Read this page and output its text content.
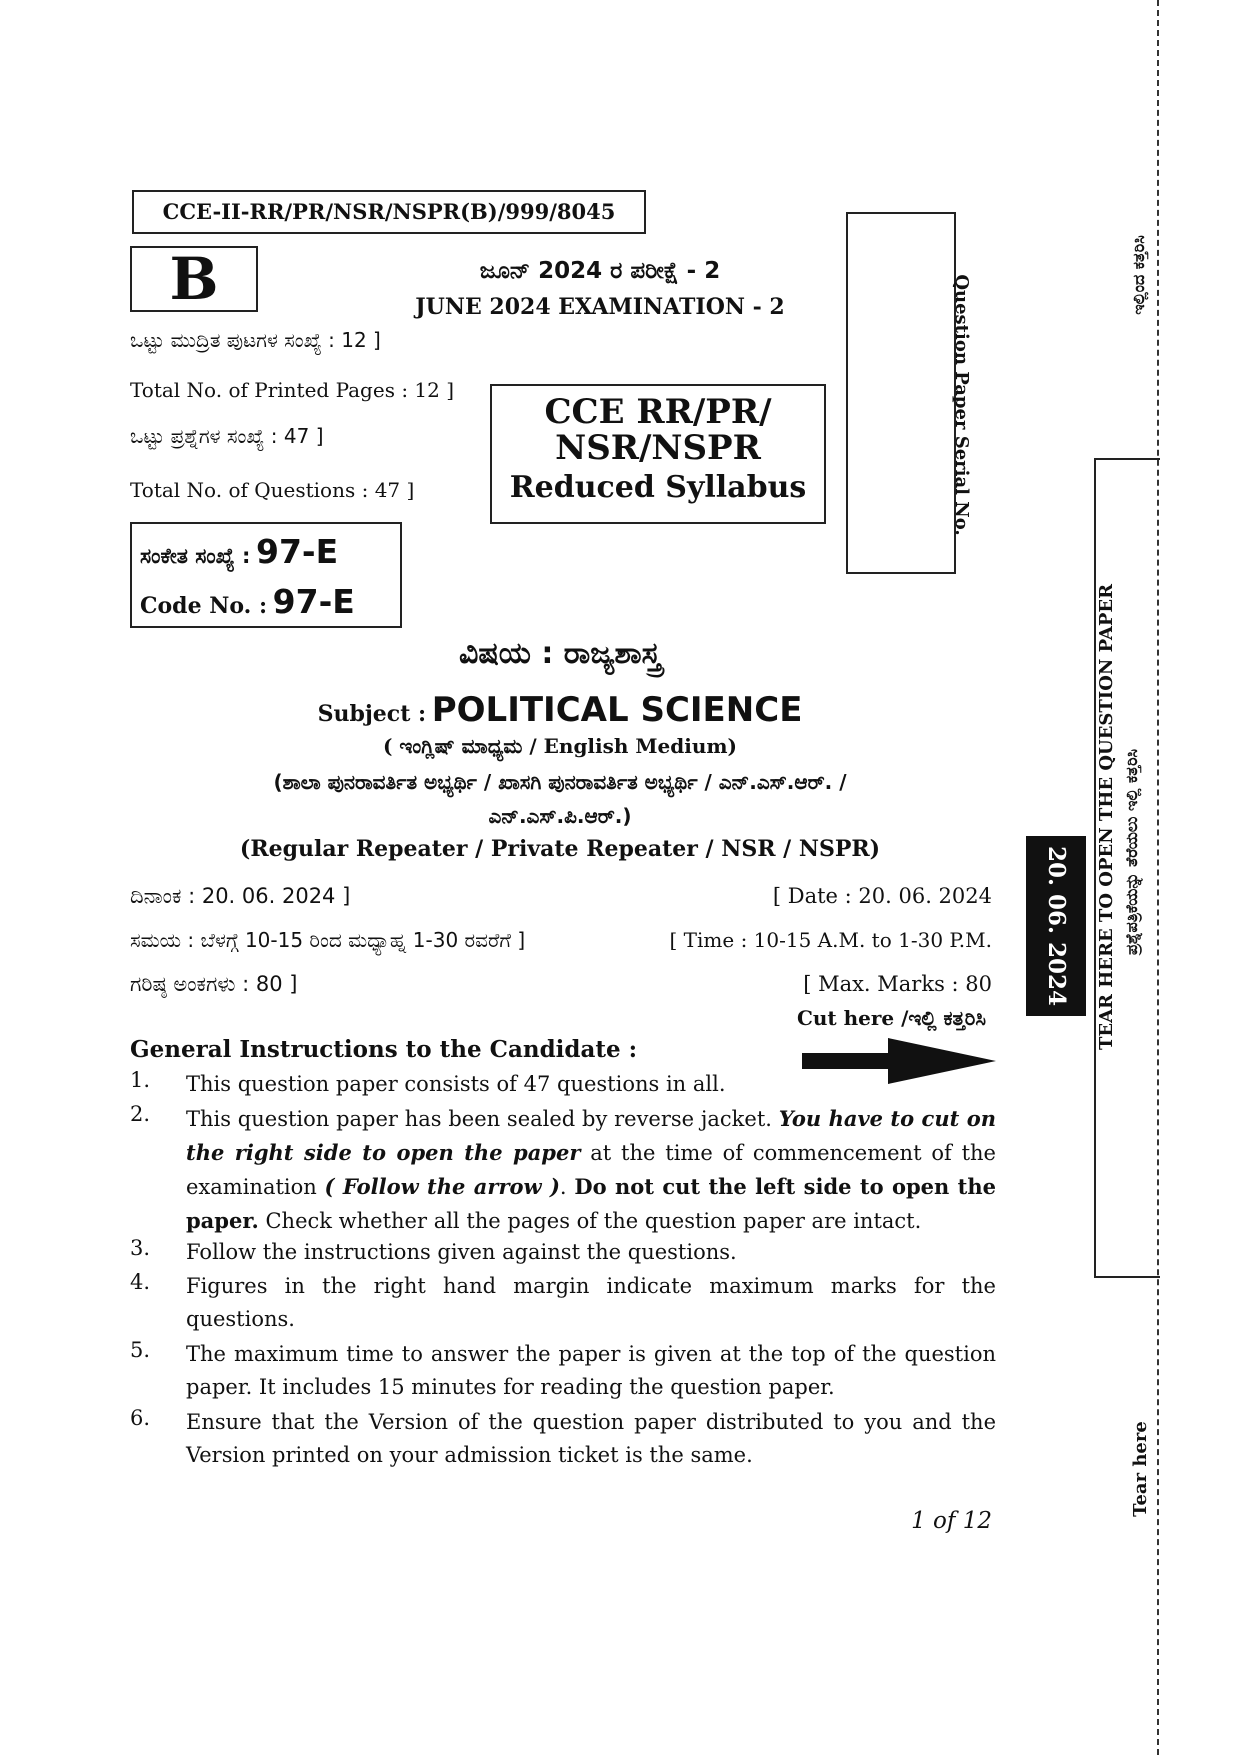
CCE-II-RR/PR/NSR/NSPR(B)/999/8045
B	ಜೂನ್ 2024 ರ ಪರೀಕ್ಷೆ - 2
JUNE 2024 EXAMINATION - 2
ಒಟ್ಟು ಮುದ್ರಿತ ಪುಟಗಳ ಸಂಖ್ಯೆ : 12 ]
Total No. of Printed Pages : 12 ]
ಒಟ್ಟು ಪ್ರಶ್ನೆಗಳ ಸಂಖ್ಯೆ : 47 ]
Total No. of Questions : 47 ]
CCE RR/PR/
NSR/NSPR
Reduced Syllabus	Question Paper Serial No.
ಸಂಕೇತ ಸಂಖ್ಯೆ : 97-E
Code No. : 97-E
ವಿಷಯ : ರಾಜ್ಯಶಾಸ್ತ್ರ
Subject : POLITICAL SCIENCE
( ಇಂಗ್ಲಿಷ್ ಮಾಧ್ಯಮ / English Medium)
(ಶಾಲಾ ಪುನರಾವರ್ತಿತ ಅಭ್ಯರ್ಥಿ / ಖಾಸಗಿ ಪುನರಾವರ್ತಿತ ಅಭ್ಯರ್ಥಿ / ಎನ್.ಎಸ್.ಆರ್. /
ಎನ್.ಎಸ್.ಪಿ.ಆರ್.)
(Regular Repeater / Private Repeater / NSR / NSPR)
ದಿನಾಂಕ : 20. 06. 2024 ]	[ Date : 20. 06. 2024
ಸಮಯ : ಬೆಳಗ್ಗೆ 10-15 ರಿಂದ ಮಧ್ಯಾಹ್ನ 1-30 ರವರೆಗೆ ]	[ Time : 10-15 A.M. to 1-30 P.M.
ಗರಿಷ್ಠ ಅಂಕಗಳು : 80 ]	[ Max. Marks : 80
Cut here /ಇಲ್ಲಿ ಕತ್ತರಿಸಿ
General Instructions to the Candidate :
1. This question paper consists of 47 questions in all.
2. This question paper has been sealed by reverse jacket. You have to cut on the right side to open the paper at the time of commencement of the examination ( Follow the arrow ). Do not cut the left side to open the paper. Check whether all the pages of the question paper are intact.
3. Follow the instructions given against the questions.
4. Figures in the right hand margin indicate maximum marks for the questions.
5. The maximum time to answer the paper is given at the top of the question paper. It includes 15 minutes for reading the question paper.
6. Ensure that the Version of the question paper distributed to you and the Version printed on your admission ticket is the same.
1 of 12
20. 06. 2024 TEAR HERE TO OPEN THE QUESTION PAPER ಪ್ರಶ್ನೆಪತ್ರಿಕೆಯನ್ನು ತೆರೆಯಲು ಇಲ್ಲಿ ಕತ್ತರಿಸಿ
ಇಲ್ಲಿಂದ ಕತ್ತರಿಸಿ
Tear here
